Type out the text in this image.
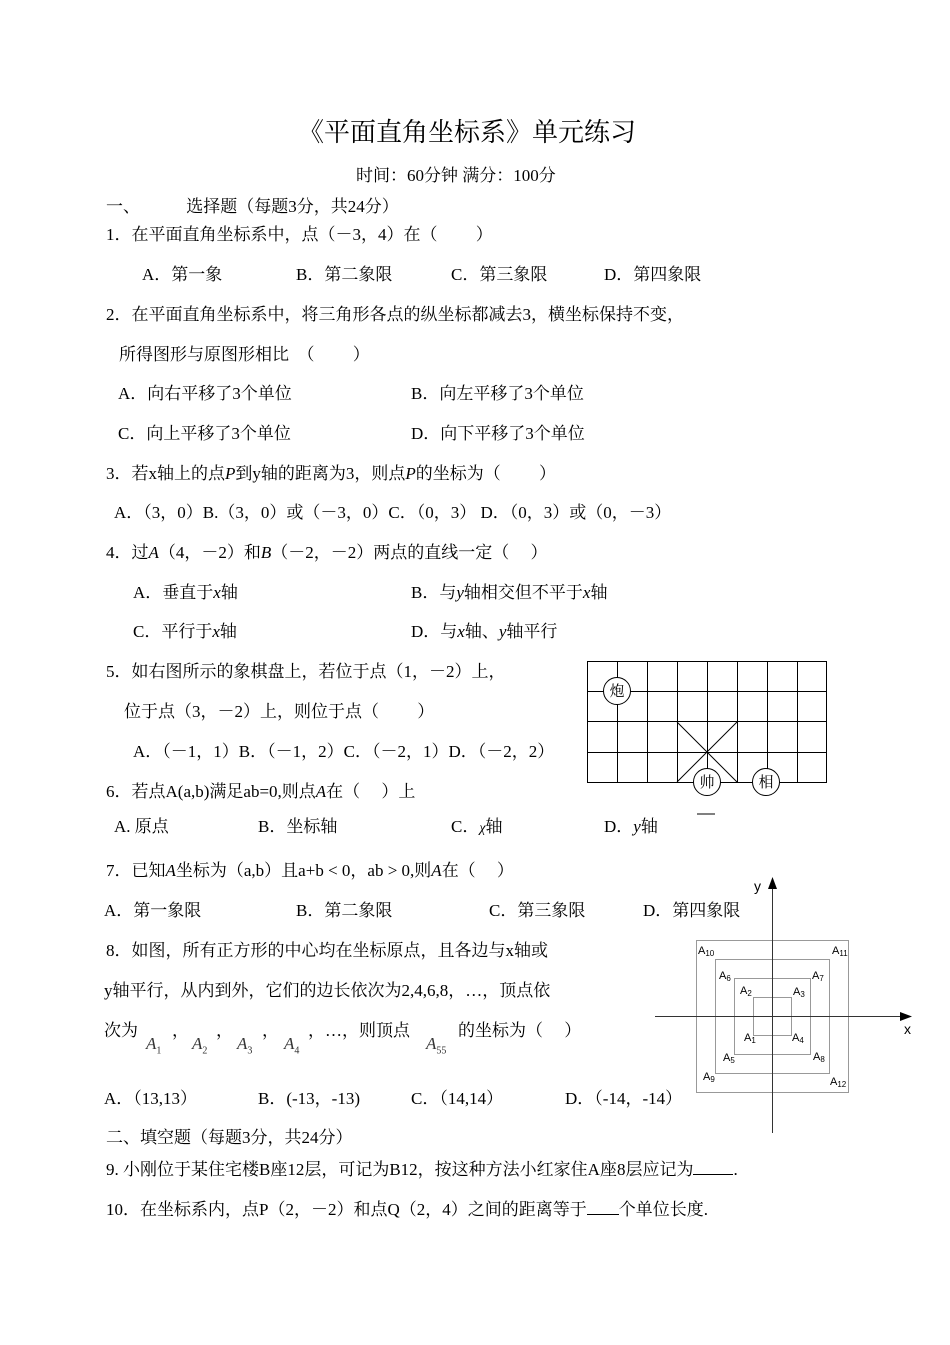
《平面直角坐标系》单元练习
时间：60分钟 满分：100分
一、	选择题（每题3分，共24分）
1．在平面直角坐标系中，点（－3，4）在（　　 ）
A．第一象	B．第二象限	C．第三象限	D．第四象限
2．在平面直角坐标系中，将三角形各点的纵坐标都减去3，横坐标保持不变，
所得图形与原图形相比　（　　 ）
A．向右平移了3个单位	B．向左平移了3个单位
C．向上平移了3个单位	D．向下平移了3个单位
3．若x轴上的点P到y轴的距离为3，则点P的坐标为（　　 ）
A．（3，0）B.（3，0）或（－3，0）C．（0，3） D．（0，3）或（0，－3）
4．过A（4，－2）和B（－2，－2）两点的直线一定（　 ）
A．垂直于x轴	B．与y轴相交但不平于x轴
C．平行于x轴	D．与x轴、y轴平行
5．如右图所示的象棋盘上，若位于点（1，－2）上，
位于点（3，－2）上，则位于点（　　 ）
炮
帅	相
A．（－1，1）B．（－1，2）C．（－2，1）D．（－2，2）
6．若点A(a,b)满足ab=0,则点A在（　 ）上
A. 原点	B．坐标轴	C．χ轴	D．y轴
7．已知A坐标为（a,b）且a+b < 0，ab > 0,则A在（　 ）
A．第一象限	B．第二象限	C．第三象限	D．第四象限
8．如图，所有正方形的中心均在坐标原点，且各边与x轴或
y轴平行，从内到外，它们的边长依次为2,4,6,8，…，顶点依
次为
$A_1$
，
$A_2$
，
$A_3$
，
$A_4$
，…，则顶点
$A_{55}$
的坐标为（　 ）
y
x
$A_{10}$	$A_{11}$
$A_6$	$A_7$
$A_2$	$A_3$
$A_1$	$A_4$
$A_5$	$A_8$
$A_9$	$A_{12}$
A．（13,13）	B．(-13，-13)	C．（14,14）	D．（-14，-14）
二、填空题（每题3分，共24分）
9. 小刚位于某住宅楼B座12层，可记为B12，按这种方法小红家住A座8层应记为 .
10．在坐标系内，点P（2，－2）和点Q（2，4）之间的距离等于 个单位长度.
